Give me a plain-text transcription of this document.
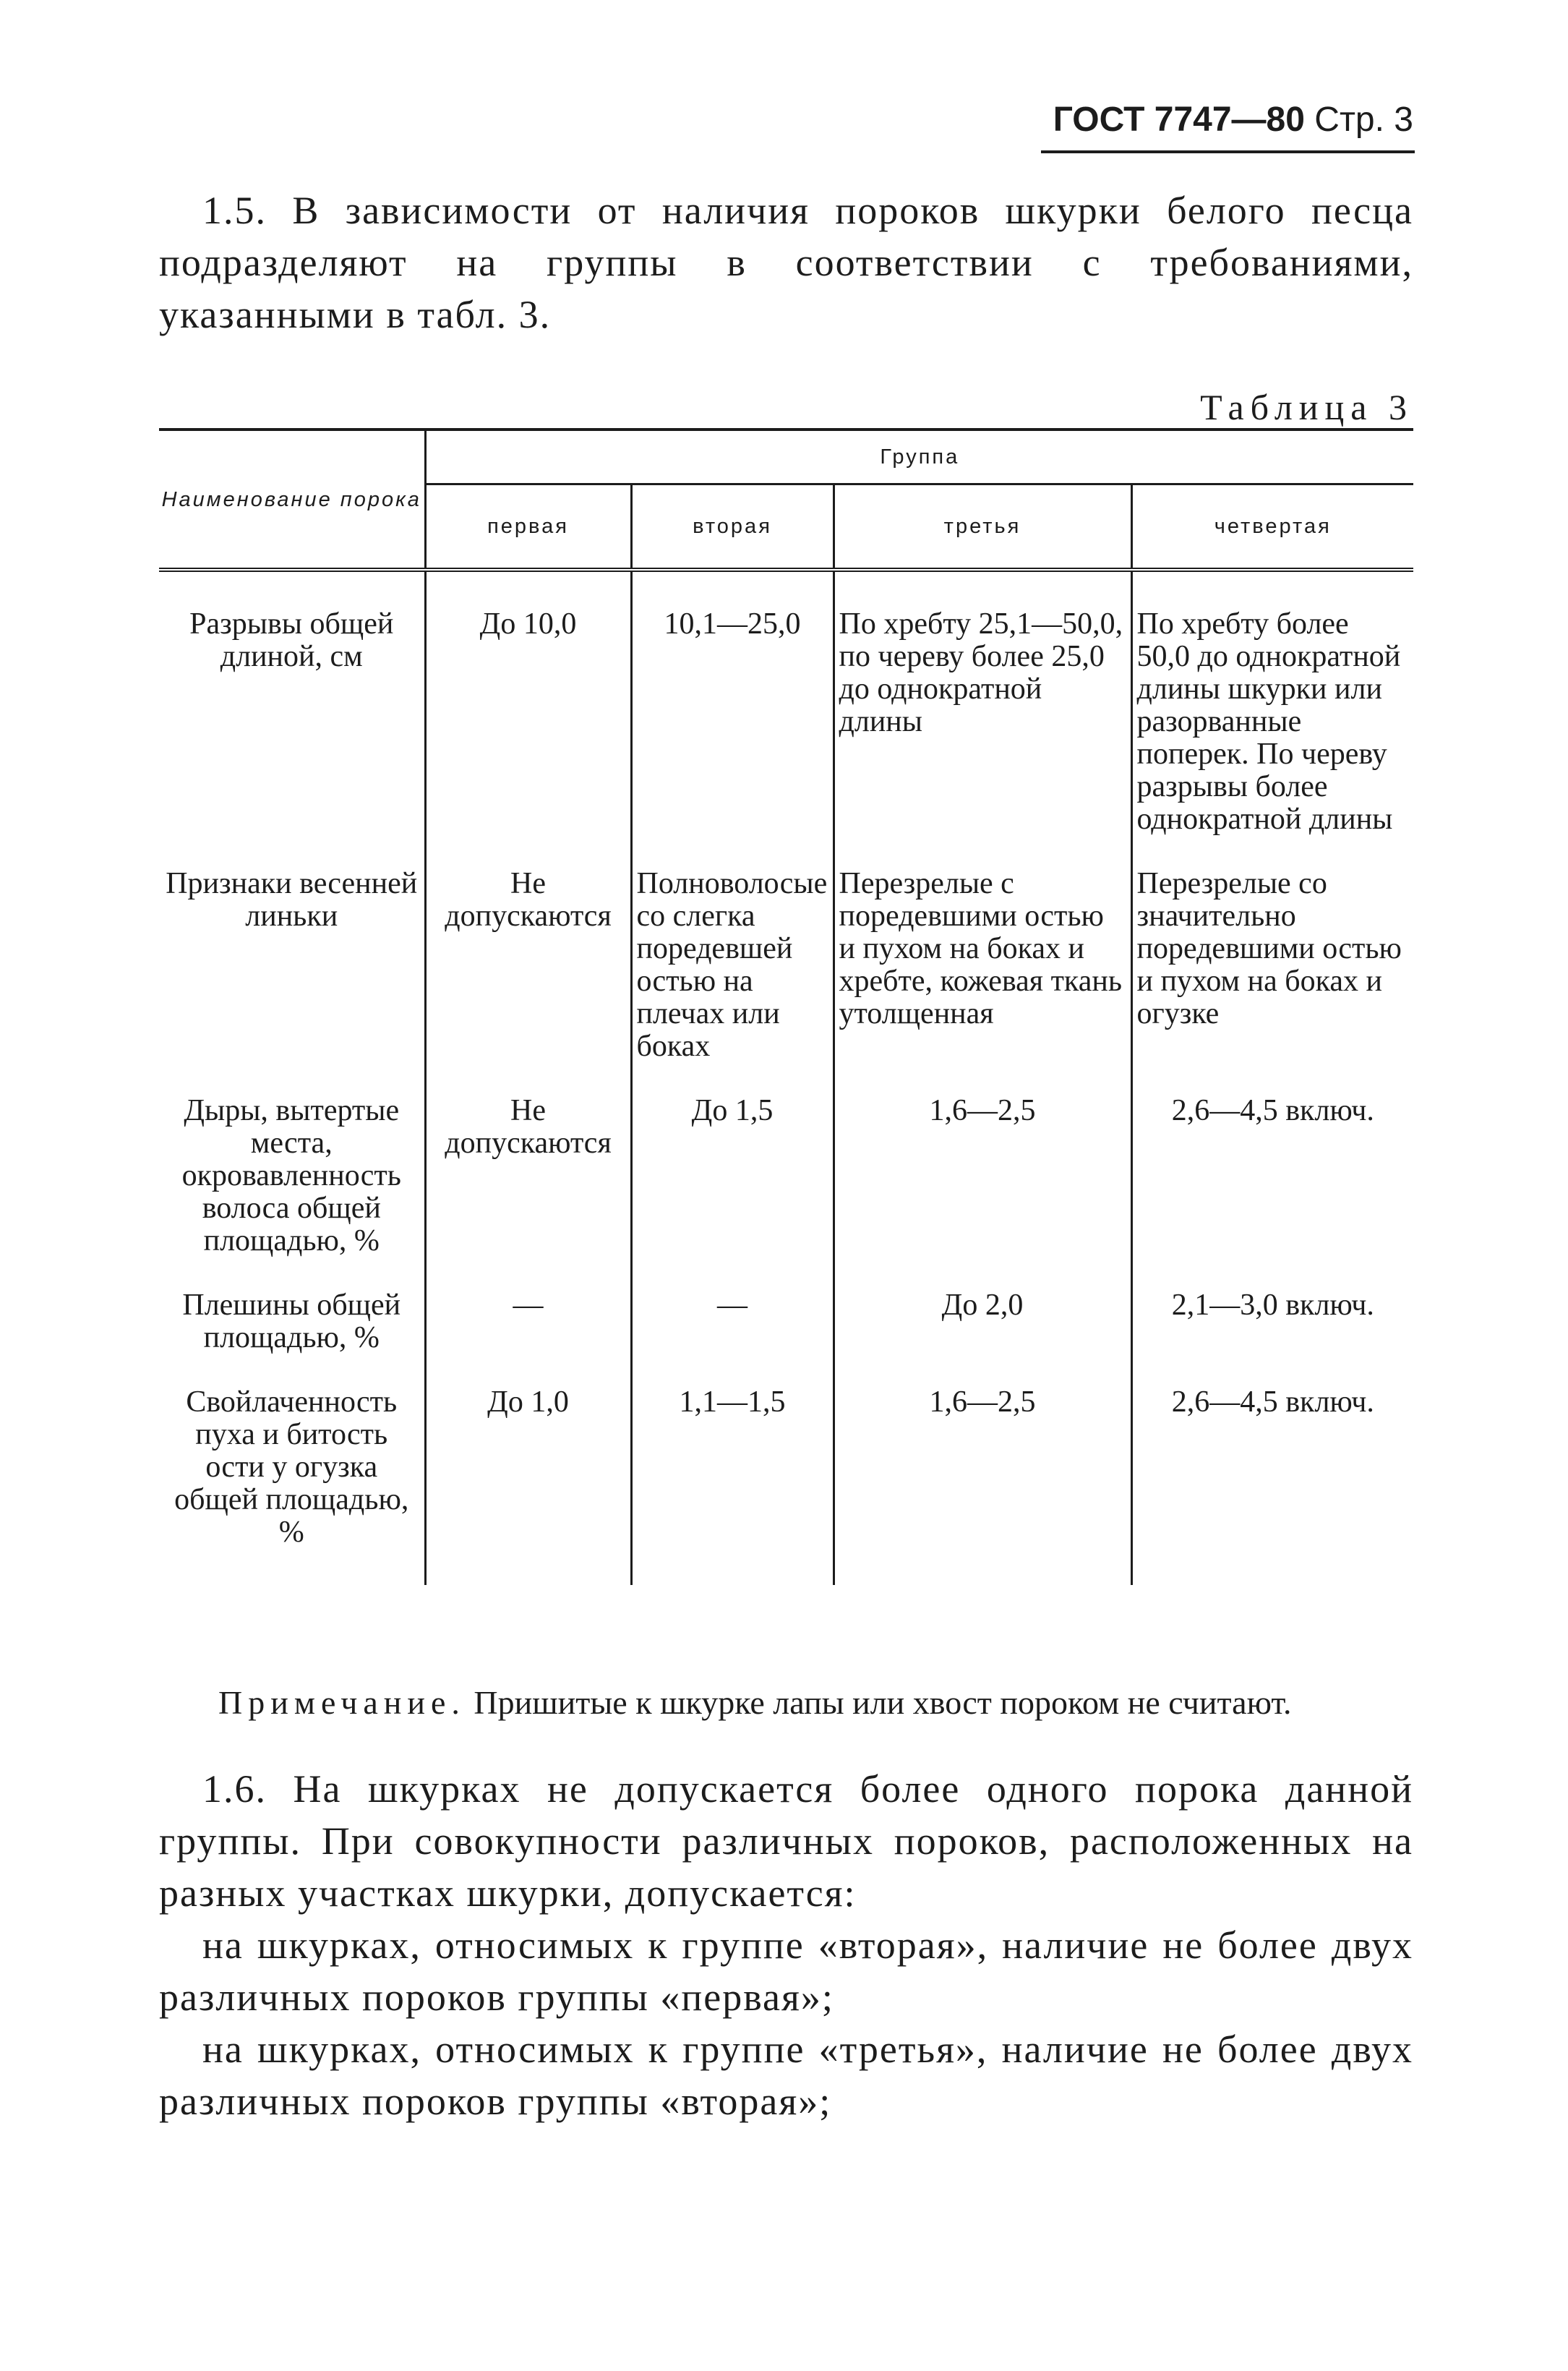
ГОСТ 7747—80 Стр. 3

1.5. В зависимости от наличия пороков шкурки белого песца подразделяют на группы в соответствии с требованиями, указанными в табл. 3.

Таблица 3
Наименование порока	Группа			
	первая	вторая	третья	четвертая
Разрывы общей длиной, см	До 10,0	10,1—25,0	По хребту 25,1—50,0, по череву более 25,0 до однократной длины	По хребту более 50,0 до однократной длины шкурки или разорванные поперек. По череву разрывы более однократной длины
Признаки весенней линьки	Не допускаются	Полноволосые со слегка поредевшей остью на плечах или боках	Перезрелые с поредевшими остью и пухом на боках и хребте, кожевая ткань утолщенная	Перезрелые со значительно поредевшими остью и пухом на боках и огузке
Дыры, вытертые места, окровавленность волоса общей площадью, %	Не допускаются	До 1,5	1,6—2,5	2,6—4,5 включ.
Плешины общей площадью, %	—	—	До 2,0	2,1—3,0 включ.
Свойлаченность пуха и битость ости у огузка общей площадью, %	До 1,0	1,1—1,5	1,6—2,5	2,6—4,5 включ.
Примечание. Пришитые к шкурке лапы или хвост пороком не считают.

1.6. На шкурках не допускается более одного порока данной группы. При совокупности различных пороков, расположенных на разных участках шкурки, допускается:

на шкурках, относимых к группе «вторая», наличие не более двух различных пороков группы «первая»;

на шкурках, относимых к группе «третья», наличие не более двух различных пороков группы «вторая»;
